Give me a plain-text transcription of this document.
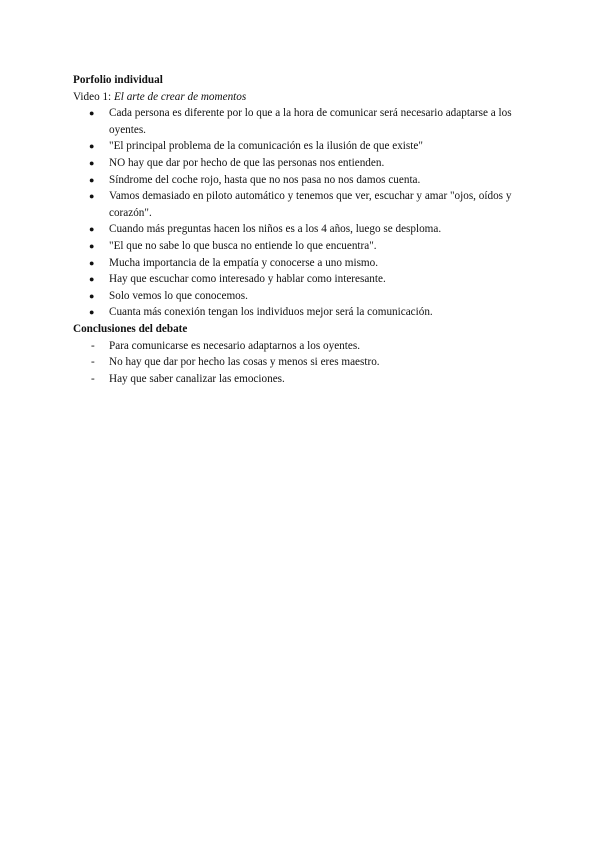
Porfolio individual

Video 1: El arte de crear de momentos

● Cada persona es diferente por lo que a la hora de comunicar será necesario adaptarse a los oyentes.
● "El principal problema de la comunicación es la ilusión de que existe"
● NO hay que dar por hecho de que las personas nos entienden.
● Síndrome del coche rojo, hasta que no nos pasa no nos damos cuenta.
● Vamos demasiado en piloto automático y tenemos que ver, escuchar y amar "ojos, oídos y corazón".
● Cuando más preguntas hacen los niños es a los 4 años, luego se desploma.
● "El que no sabe lo que busca no entiende lo que encuentra".
● Mucha importancia de la empatía y conocerse a uno mismo.
● Hay que escuchar como interesado y hablar como interesante.
● Solo vemos lo que conocemos.
● Cuanta más conexión tengan los individuos mejor será la comunicación.

Conclusiones del debate

- Para comunicarse es necesario adaptarnos a los oyentes.
- No hay que dar por hecho las cosas y menos si eres maestro.
- Hay que saber canalizar las emociones.
